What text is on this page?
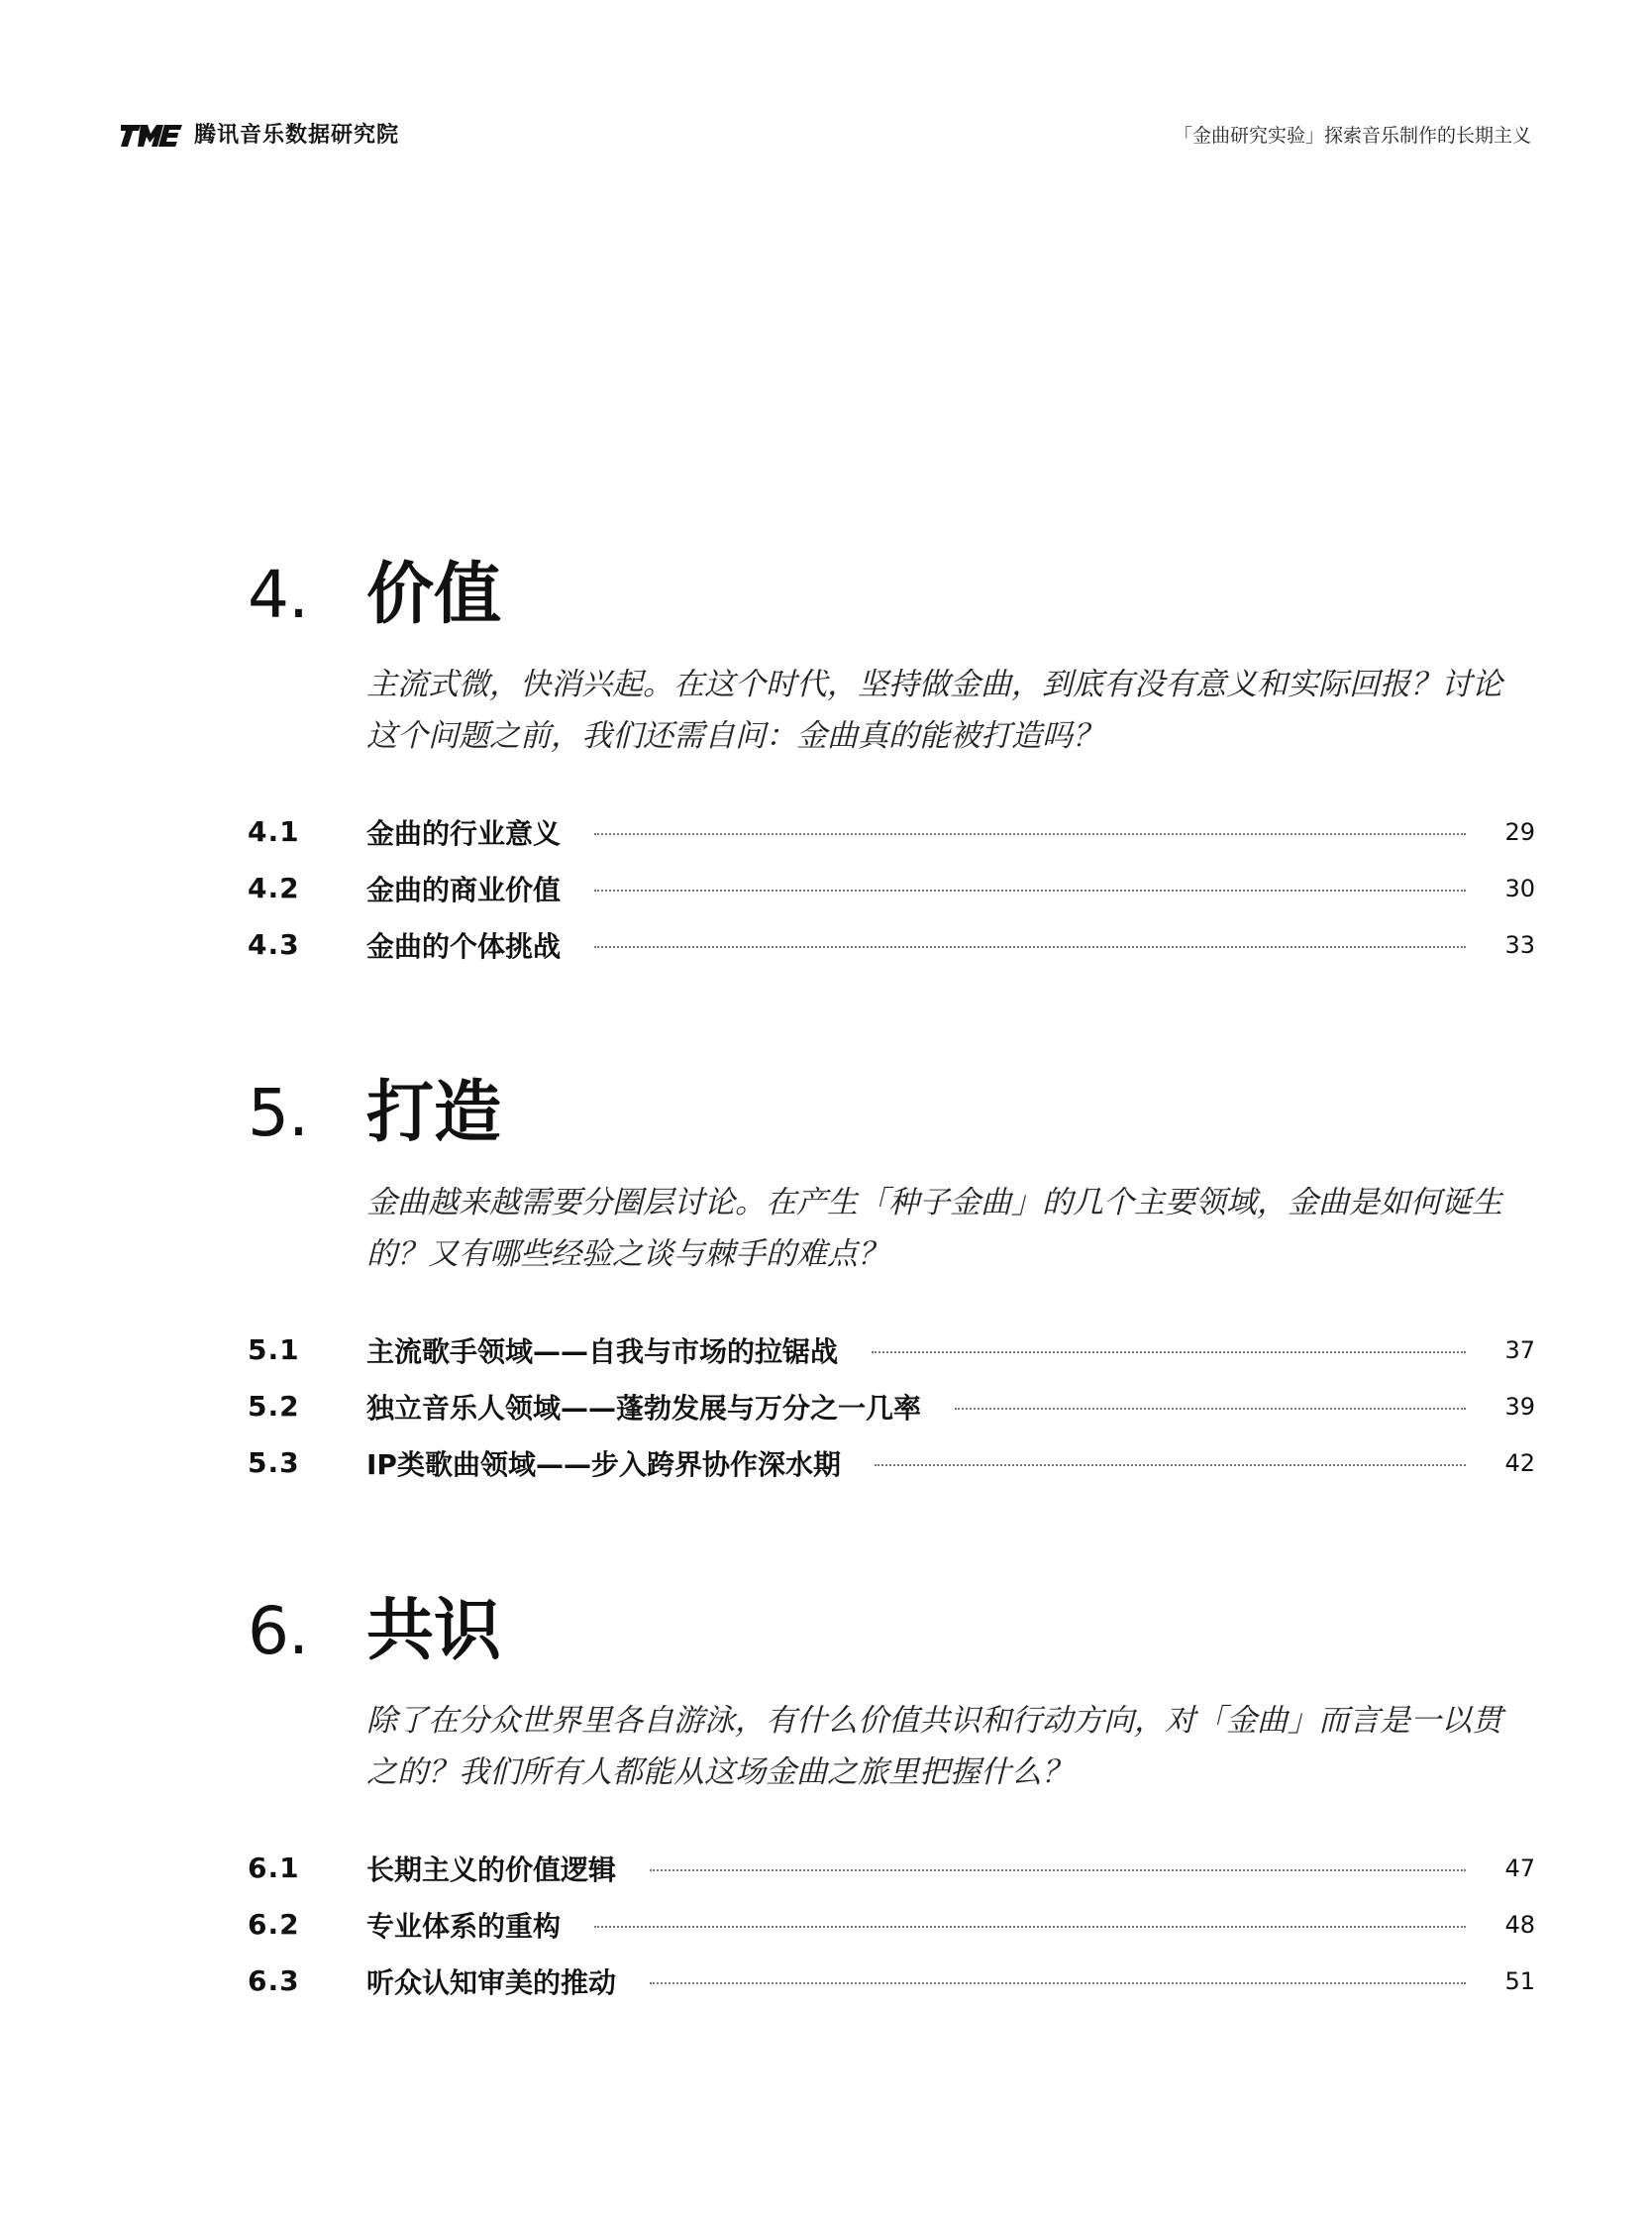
腾讯音乐数据研究院	「金曲研究实验」探索音乐制作的长期主义
4. 价值
主流式微，快消兴起。在这个时代，坚持做金曲，到底有没有意义和实际回报？讨论这个问题之前，我们还需自问：金曲真的能被打造吗？
4.1	金曲的行业意义	29
4.2	金曲的商业价值	30
4.3	金曲的个体挑战	33
5. 打造
金曲越来越需要分圈层讨论。在产生「种子金曲」的几个主要领域，金曲是如何诞生的？又有哪些经验之谈与棘手的难点？
5.1	主流歌手领域——自我与市场的拉锯战	37
5.2	独立音乐人领域——蓬勃发展与万分之一几率	39
5.3	IP类歌曲领域——步入跨界协作深水期	42
6. 共识
除了在分众世界里各自游泳，有什么价值共识和行动方向，对「金曲」而言是一以贯之的？我们所有人都能从这场金曲之旅里把握什么？
6.1	长期主义的价值逻辑	47
6.2	专业体系的重构	48
6.3	听众认知审美的推动	51
